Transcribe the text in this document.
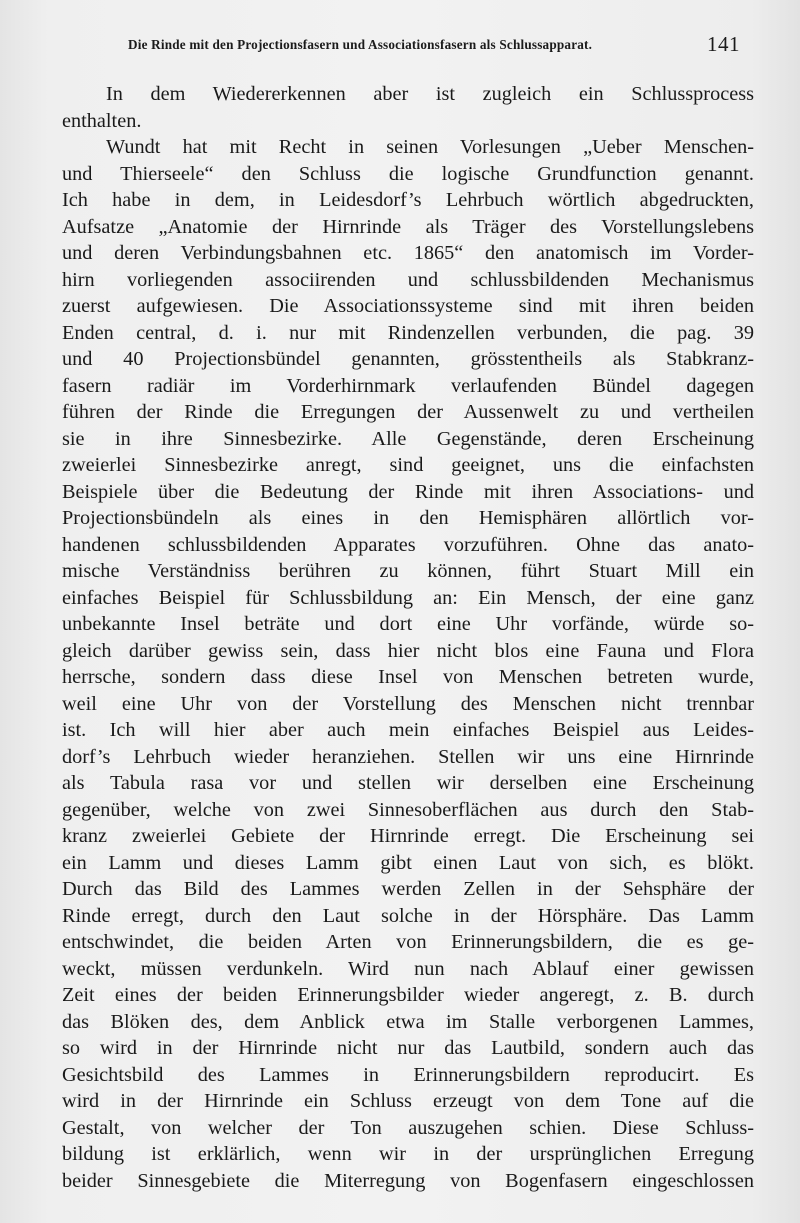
Die Rinde mit den Projectionsfasern und Associationsfasern als Schlussapparat.	141
In dem Wiedererkennen aber ist zugleich ein Schlussprocess
enthalten.
Wundt hat mit Recht in seinen Vorlesungen „Ueber Menschen-
und Thierseele“ den Schluss die logische Grundfunction genannt.
Ich habe in dem, in Leidesdorf’s Lehrbuch wörtlich abgedruckten,
Aufsatze „Anatomie der Hirnrinde als Träger des Vorstellungslebens
und deren Verbindungsbahnen etc. 1865“ den anatomisch im Vorder-
hirn vorliegenden associirenden und schlussbildenden Mechanismus
zuerst aufgewiesen. Die Associationssysteme sind mit ihren beiden
Enden central, d. i. nur mit Rindenzellen verbunden, die pag. 39
und 40 Projectionsbündel genannten, grösstentheils als Stabkranz-
fasern radiär im Vorderhirnmark verlaufenden Bündel dagegen
führen der Rinde die Erregungen der Aussenwelt zu und vertheilen
sie in ihre Sinnesbezirke. Alle Gegenstände, deren Erscheinung
zweierlei Sinnesbezirke anregt, sind geeignet, uns die einfachsten
Beispiele über die Bedeutung der Rinde mit ihren Associations- und
Projectionsbündeln als eines in den Hemisphären allörtlich vor-
handenen schlussbildenden Apparates vorzuführen. Ohne das anato-
mische Verständniss berühren zu können, führt Stuart Mill ein
einfaches Beispiel für Schlussbildung an: Ein Mensch, der eine ganz
unbekannte Insel beträte und dort eine Uhr vorfände, würde so-
gleich darüber gewiss sein, dass hier nicht blos eine Fauna und Flora
herrsche, sondern dass diese Insel von Menschen betreten wurde,
weil eine Uhr von der Vorstellung des Menschen nicht trennbar
ist. Ich will hier aber auch mein einfaches Beispiel aus Leides-
dorf’s Lehrbuch wieder heranziehen. Stellen wir uns eine Hirnrinde
als Tabula rasa vor und stellen wir derselben eine Erscheinung
gegenüber, welche von zwei Sinnesoberflächen aus durch den Stab-
kranz zweierlei Gebiete der Hirnrinde erregt. Die Erscheinung sei
ein Lamm und dieses Lamm gibt einen Laut von sich, es blökt.
Durch das Bild des Lammes werden Zellen in der Sehsphäre der
Rinde erregt, durch den Laut solche in der Hörsphäre. Das Lamm
entschwindet, die beiden Arten von Erinnerungsbildern, die es ge-
weckt, müssen verdunkeln. Wird nun nach Ablauf einer gewissen
Zeit eines der beiden Erinnerungsbilder wieder angeregt, z. B. durch
das Blöken des, dem Anblick etwa im Stalle verborgenen Lammes,
so wird in der Hirnrinde nicht nur das Lautbild, sondern auch das
Gesichtsbild des Lammes in Erinnerungsbildern reproducirt. Es
wird in der Hirnrinde ein Schluss erzeugt von dem Tone auf die
Gestalt, von welcher der Ton auszugehen schien. Diese Schluss-
bildung ist erklärlich, wenn wir in der ursprünglichen Erregung
beider Sinnesgebiete die Miterregung von Bogenfasern eingeschlossen
